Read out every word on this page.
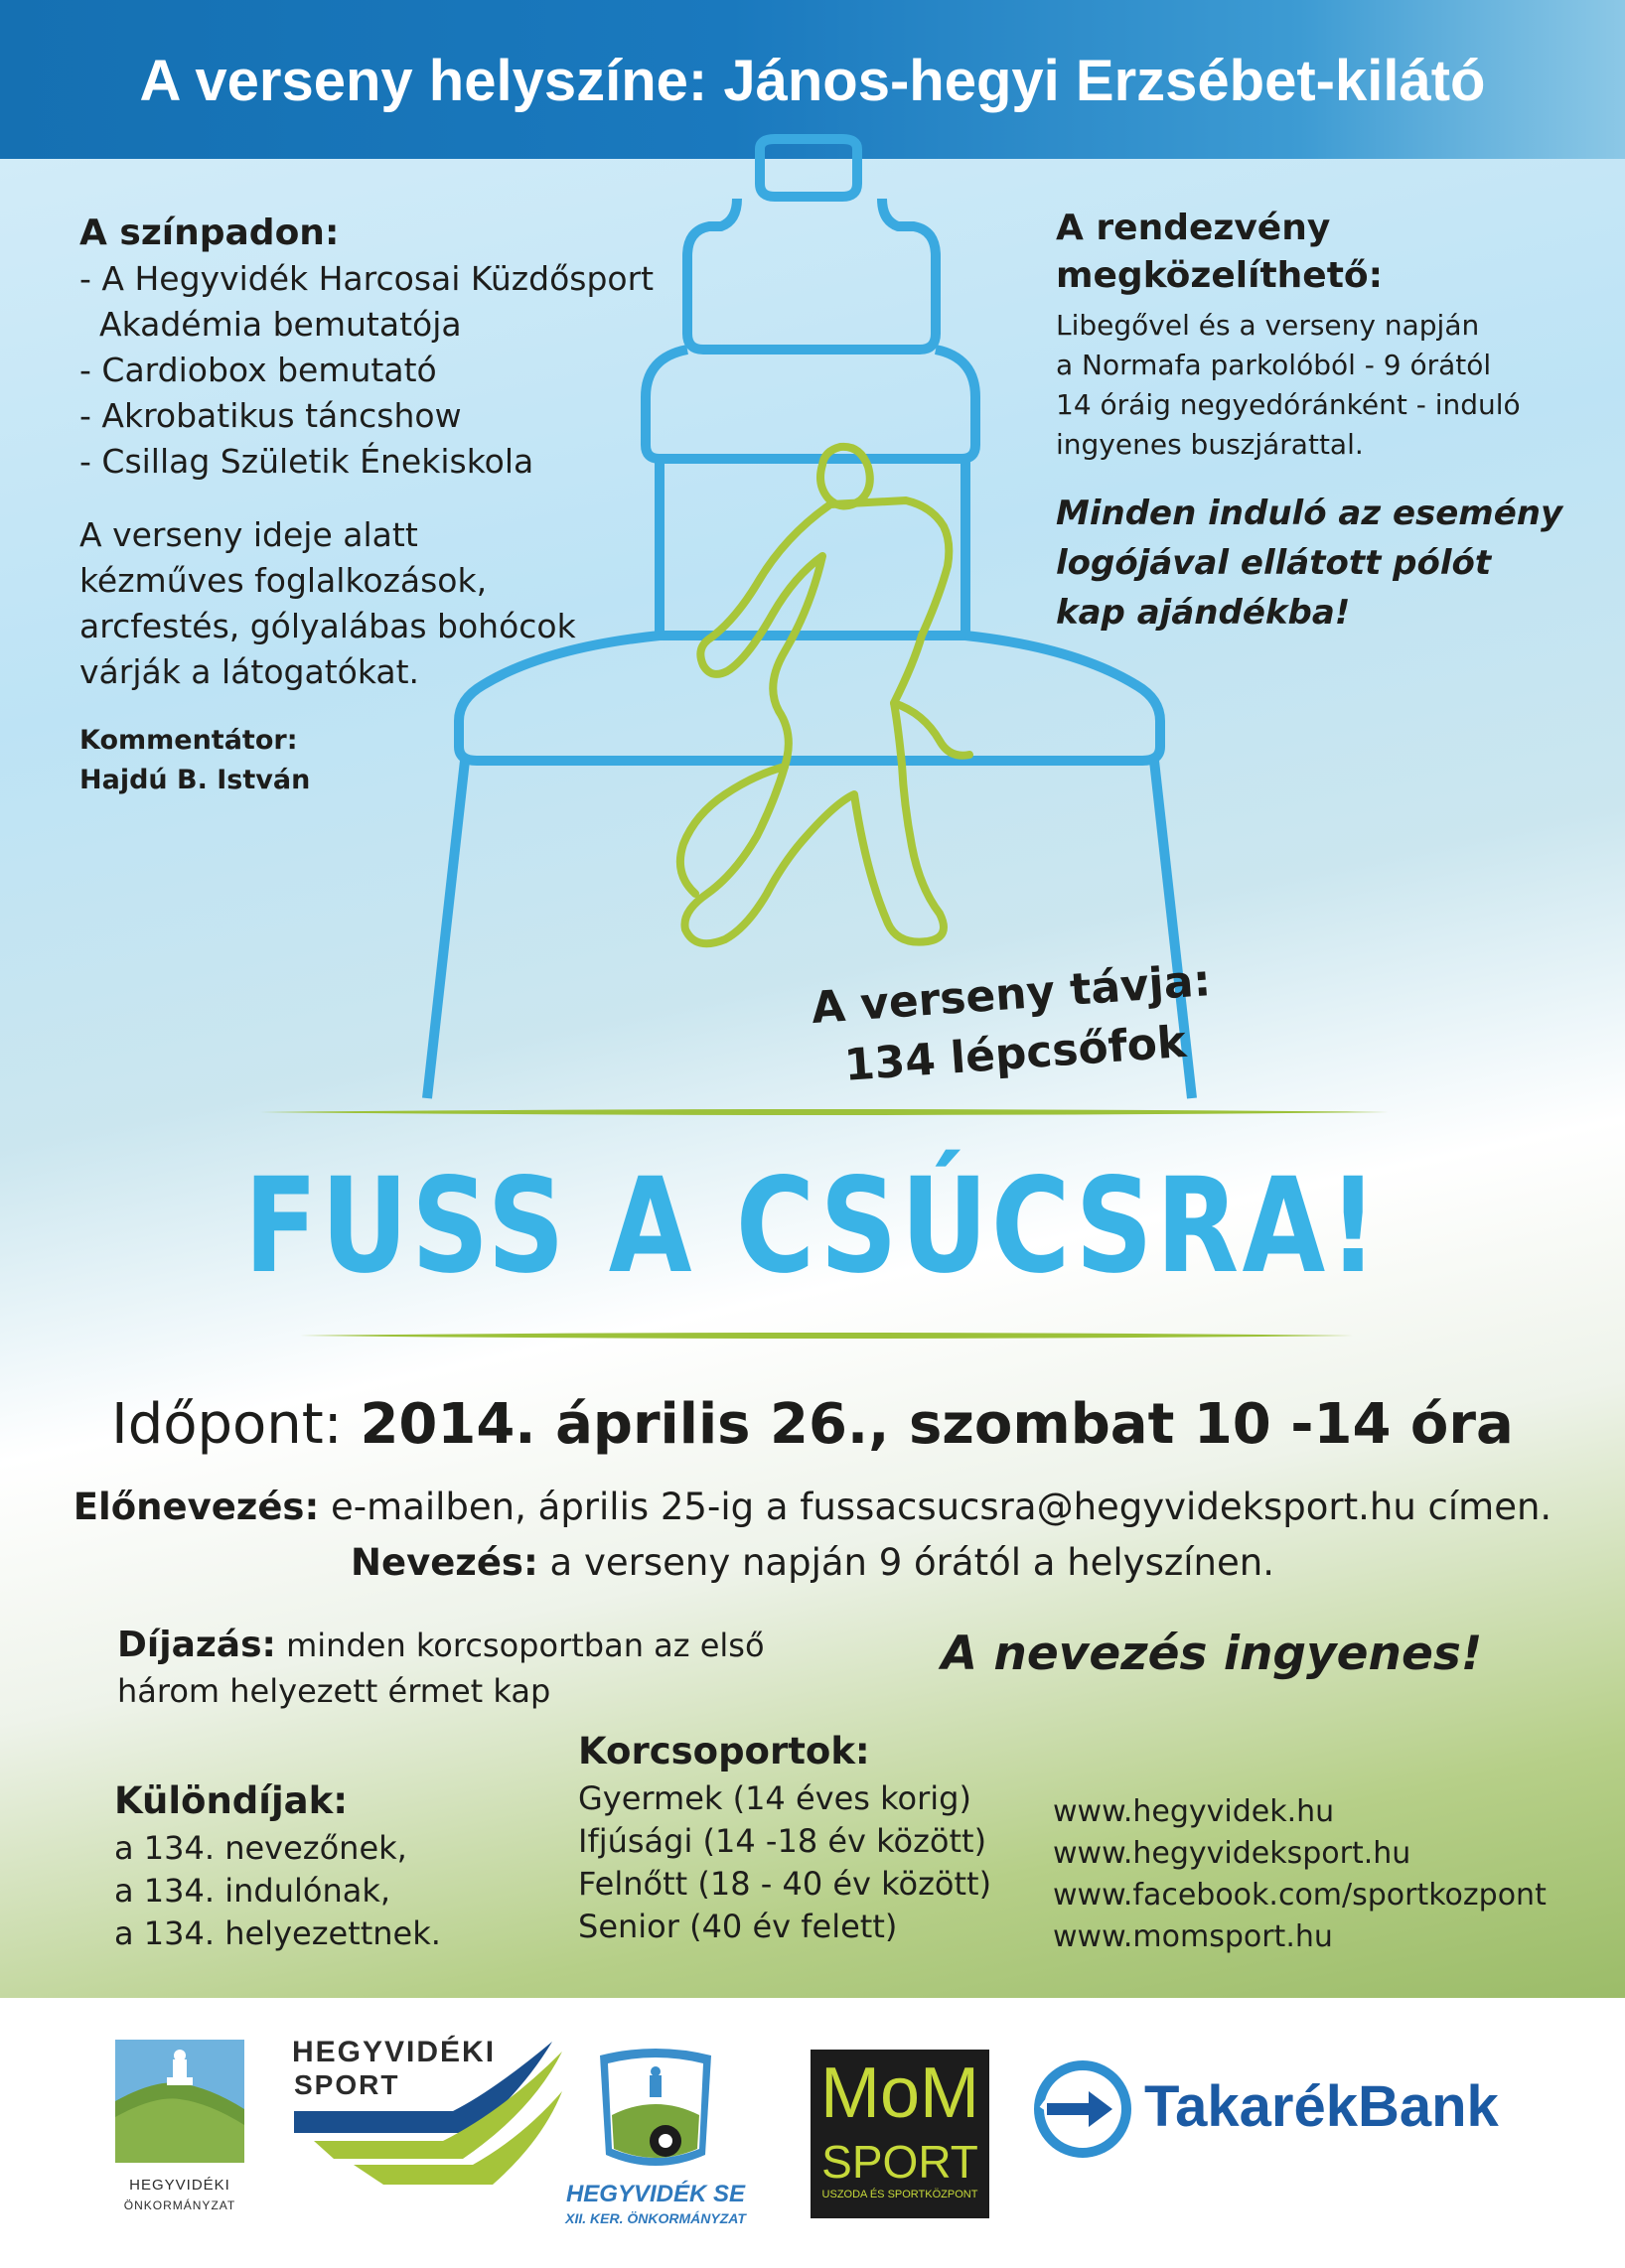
A verseny helyszíne: János-hegyi Erzsébet-kilátó
A színpadon:
- A Hegyvidék Harcosai Küzdősport
Akadémia bemutatója
- Cardiobox bemutató
- Akrobatikus táncshow
- Csillag Születik Énekiskola
A verseny ideje alatt
kézműves foglalkozások,
arcfestés, gólyalábas bohócok
várják a látogatókat.
Kommentátor:
Hajdú B. István
A rendezvény
megközelíthető:
Libegővel és a verseny napján
a Normafa parkolóból - 9 órától
14 óráig negyedóránként - induló
ingyenes buszjárattal.
Minden induló az esemény
logójával ellátott pólót
kap ajándékba!
A verseny távja:
134 lépcsőfok
FUSS A CSÚCSRA!
Időpont: 2014. április 26., szombat 10 -14 óra
Előnevezés: e-mailben, április 25-ig a fussacsucsra@hegyvideksport.hu címen.
Nevezés: a verseny napján 9 órától a helyszínen.
Díjazás: minden korcsoportban az első
három helyezett érmet kap
A nevezés ingyenes!
Különdíjak:
a 134. nevezőnek,
a 134. indulónak,
a 134. helyezettnek.
Korcsoportok:
Gyermek (14 éves korig)
Ifjúsági (14 -18 év között)
Felnőtt (18 - 40 év között)
Senior (40 év felett)
www.hegyvidek.hu
www.hegyvideksport.hu
www.facebook.com/sportkozpont
www.momsport.hu
HEGYVIDÉKI
ÖNKORMÁNYZAT
HEGYVIDÉKI
SPORT
HEGYVIDÉK SE
XII. KER. ÖNKORMÁNYZAT
MoM
SPORT
USZODA ÉS SPORTKÖZPONT
TakarékBank
